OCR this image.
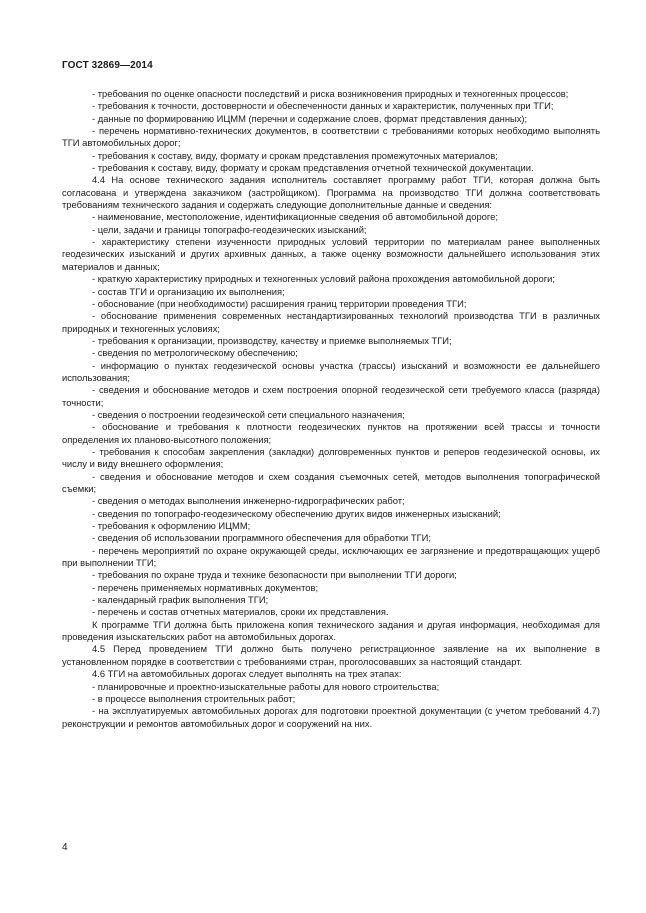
ГОСТ 32869—2014

- требования по оценке опасности последствий и риска возникновения природных и техногенных процессов;

- требования к точности, достоверности и обеспеченности данных и характеристик, полученных при ТГИ;

- данные по формированию ИЦММ (перечни и содержание слоев, формат представления данных);

- перечень нормативно-технических документов, в соответствии с требованиями которых необходимо выполнять ТГИ автомобильных дорог;

- требования к составу, виду, формату и срокам представления промежуточных материалов;

- требования к составу, виду, формату и срокам представления отчетной технической документации.

4.4 На основе технического задания исполнитель составляет программу работ ТГИ, которая должна быть согласована и утверждена заказчиком (застройщиком). Программа на производство ТГИ должна соответствовать требованиям технического задания и содержать следующие дополнительные данные и сведения:

- наименование, местоположение, идентификационные сведения об автомобильной дороге;

- цели, задачи и границы топографо-геодезических изысканий;

- характеристику степени изученности природных условий территории по материалам ранее выполненных геодезических изысканий и других архивных данных, а также оценку возможности дальнейшего использования этих материалов и данных;

- краткую характеристику природных и техногенных условий района прохождения автомобильной дороги;

- состав ТГИ и организацию их выполнения;

- обоснование (при необходимости) расширения границ территории проведения ТГИ;

- обоснование применения современных нестандартизированных технологий производства ТГИ в различных природных и техногенных условиях;

- требования к организации, производству, качеству и приемке выполняемых ТГИ;

- сведения по метрологическому обеспечению;

- информацию о пунктах геодезической основы участка (трассы) изысканий и возможности ее дальнейшего использования;

- сведения и обоснование методов и схем построения опорной геодезической сети требуемого класса (разряда) точности;

- сведения о построении геодезической сети специального назначения;

- обоснование и требования к плотности геодезических пунктов на протяжении всей трассы и точности определения их планово-высотного положения;

- требования к способам закрепления (закладки) долговременных пунктов и реперов геодезической основы, их числу и виду внешнего оформления;

- сведения и обоснование методов и схем создания съемочных сетей, методов выполнения топографической съемки;

- сведения о методах выполнения инженерно-гидрографических работ;

- сведения по топографо-геодезическому обеспечению других видов инженерных изысканий;

- требования к оформлению ИЦММ;

- сведения об использовании программного обеспечения для обработки ТГИ;

- перечень мероприятий по охране окружающей среды, исключающих ее загрязнение и предотвращающих ущерб при выполнении ТГИ;

- требования по охране труда и технике безопасности при выполнении ТГИ дороги;

- перечень применяемых нормативных документов;

- календарный график выполнения ТГИ;

- перечень и состав отчетных материалов, сроки их представления.

К программе ТГИ должна быть приложена копия технического задания и другая информация, необходимая для проведения изыскательских работ на автомобильных дорогах.

4.5 Перед проведением ТГИ должно быть получено регистрационное заявление на их выполнение в установленном порядке в соответствии с требованиями стран, проголосовавших за настоящий стандарт.

4.6 ТГИ на автомобильных дорогах следует выполнять на трех этапах:

- планировочные и проектно-изыскательные работы для нового строительства;

- в процессе выполнения строительных работ;

- на эксплуатируемых автомобильных дорогах для подготовки проектной документации (с учетом требований 4.7) реконструкции и ремонтов автомобильных дорог и сооружений на них.

4
